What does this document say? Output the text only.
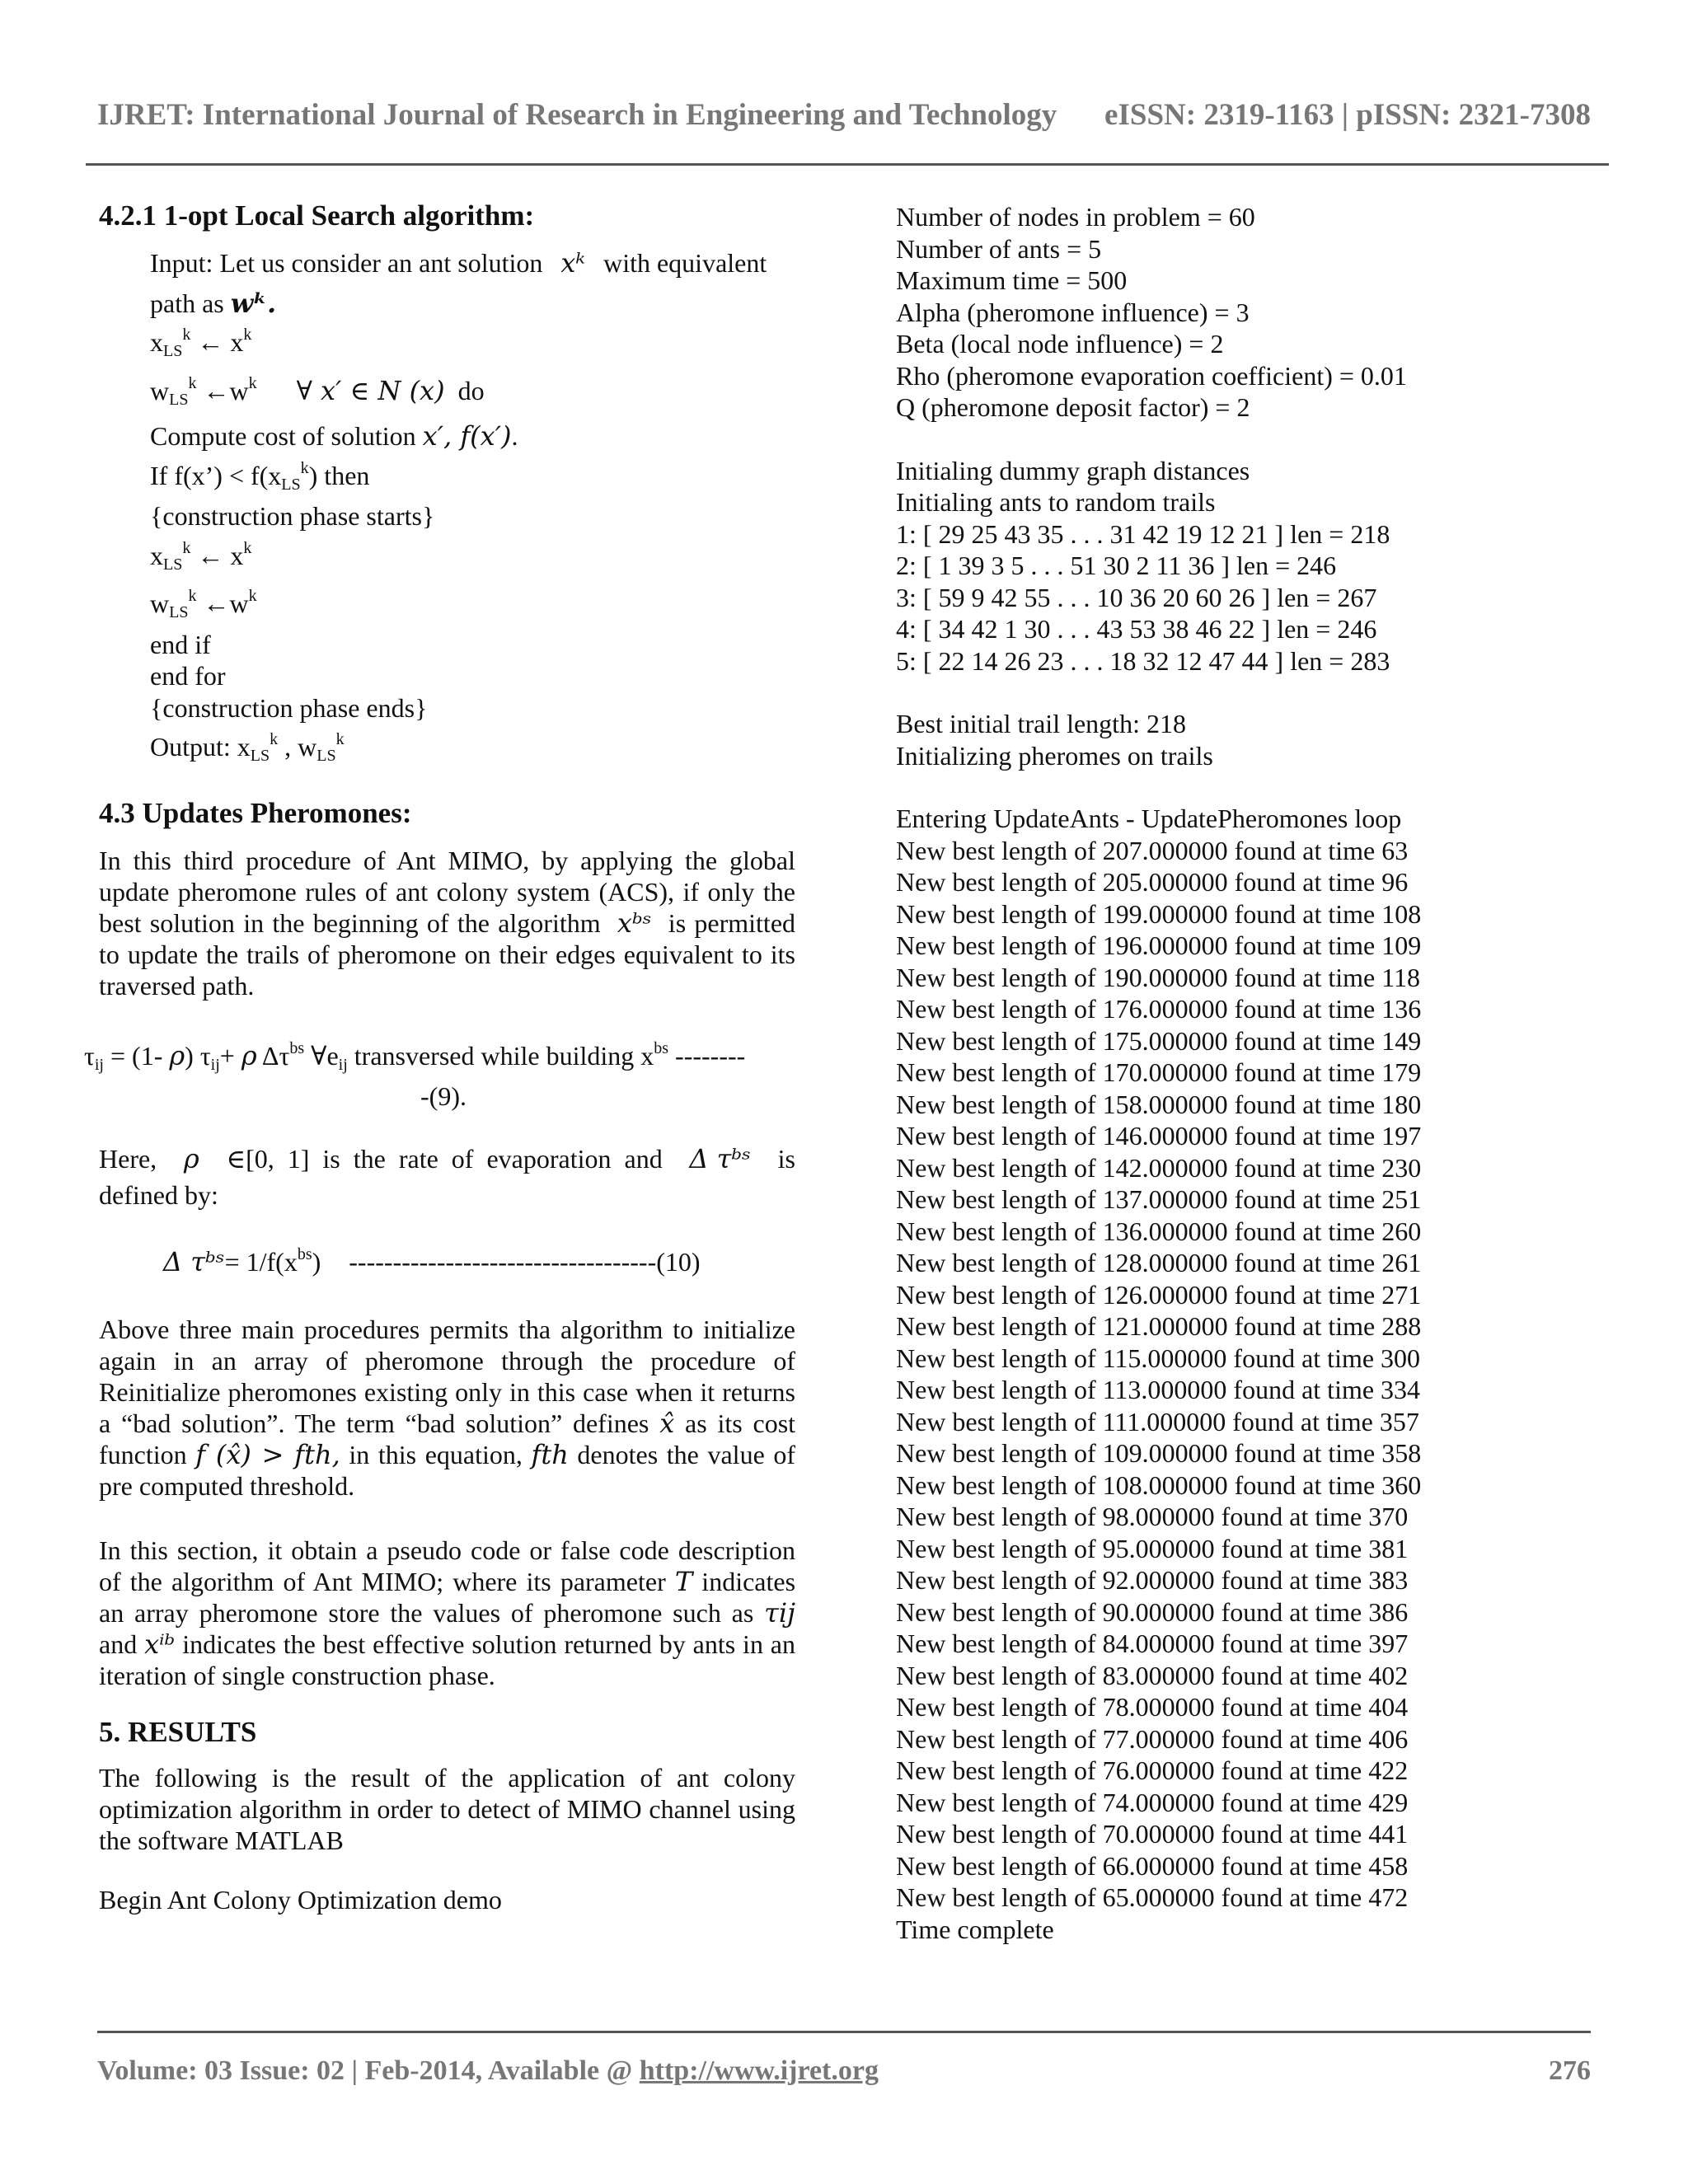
IJRET: International Journal of Research in Engineering and Technology eISSN: 2319-1163 | pISSN: 2321-7308
4.2.1 1-opt Local Search algorithm:
Input: Let us consider an ant solution xᵏ with equivalent
path as wᵏ.
$x_{LS}^k$ ← $x^k$
$w_{LS}^k$ $\leftarrow w^k$ ∀ x′ ∈ N (x) do
Compute cost of solution x′, f(x′).
If f(x’) < $f(x_{LS}^k)$ then
{construction phase starts}
$x_{LS}^k$ ← $x^k$
$w_{LS}^k$ $\leftarrow w^k$
end if
end for
{construction phase ends}
Output: $x_{LS}^k$ , $w_{LS}^k$
4.3 Updates Pheromones:

In this third procedure of Ant MIMO, by applying the global update pheromone rules of ant colony system (ACS), if only the best solution in the beginning of the algorithm xᵇˢ is permitted to update the trails of pheromone on their edges equivalent to its traversed path.

$\tau_{ij} = (1-$ ρ) $\tau_{ij}+ \rho$ $\Delta\tau^{bs}$ $\forall e_{ij}$ transversed while building $x^{bs}$ --------
-(9).
Here, ρ ∈[0,  1]  is  the  rate  of  evaporation  and Δ τᵇˢ is
defined by:
Δ τᵇˢ= $1/f(x^{bs})$ -----------------------------------(10)

Above three main procedures permits tha algorithm to initialize again in an array of pheromone through the procedure of Reinitialize pheromones existing only in this case when it returns a “bad solution”. The term “bad solution” defines x̂ as its cost function f (x̂) > fth, in this equation, fth denotes the value of pre computed threshold.

In this section, it obtain a pseudo code or false code description of the algorithm of Ant MIMO; where its parameter T indicates an array pheromone store the values of pheromone such as τij and xⁱᵇ indicates the best effective solution returned by ants in an iteration of single construction phase.

5. RESULTS

The following is the result of the application of ant colony optimization algorithm in order to detect of MIMO channel using the software MATLAB

Begin Ant Colony Optimization demo

Number of nodes in problem = 60
Number of ants = 5
Maximum time = 500
Alpha (pheromone influence) = 3
Beta (local node influence) = 2
Rho (pheromone evaporation coefficient) = 0.01
Q (pheromone deposit factor) = 2
Initialing dummy graph distances
Initialing ants to random trails
1: [ 29 25 43 35 . . . 31 42 19 12 21 ] len = 218
2: [ 1 39 3 5 . . . 51 30 2 11 36 ] len = 246
3: [ 59 9 42 55 . . . 10 36 20 60 26 ] len = 267
4: [ 34 42 1 30 . . . 43 53 38 46 22 ] len = 246
5: [ 22 14 26 23 . . . 18 32 12 47 44 ] len = 283
Best initial trail length: 218
Initializing pheromes on trails
Entering UpdateAnts - UpdatePheromones loop
New best length of 207.000000 found at time 63
New best length of 205.000000 found at time 96
New best length of 199.000000 found at time 108
New best length of 196.000000 found at time 109
New best length of 190.000000 found at time 118
New best length of 176.000000 found at time 136
New best length of 175.000000 found at time 149
New best length of 170.000000 found at time 179
New best length of 158.000000 found at time 180
New best length of 146.000000 found at time 197
New best length of 142.000000 found at time 230
New best length of 137.000000 found at time 251
New best length of 136.000000 found at time 260
New best length of 128.000000 found at time 261
New best length of 126.000000 found at time 271
New best length of 121.000000 found at time 288
New best length of 115.000000 found at time 300
New best length of 113.000000 found at time 334
New best length of 111.000000 found at time 357
New best length of 109.000000 found at time 358
New best length of 108.000000 found at time 360
New best length of 98.000000 found at time 370
New best length of 95.000000 found at time 381
New best length of 92.000000 found at time 383
New best length of 90.000000 found at time 386
New best length of 84.000000 found at time 397
New best length of 83.000000 found at time 402
New best length of 78.000000 found at time 404
New best length of 77.000000 found at time 406
New best length of 76.000000 found at time 422
New best length of 74.000000 found at time 429
New best length of 70.000000 found at time 441
New best length of 66.000000 found at time 458
New best length of 65.000000 found at time 472
Time complete
Volume: 03 Issue: 02 | Feb-2014, Available @ http://www.ijret.org	276
